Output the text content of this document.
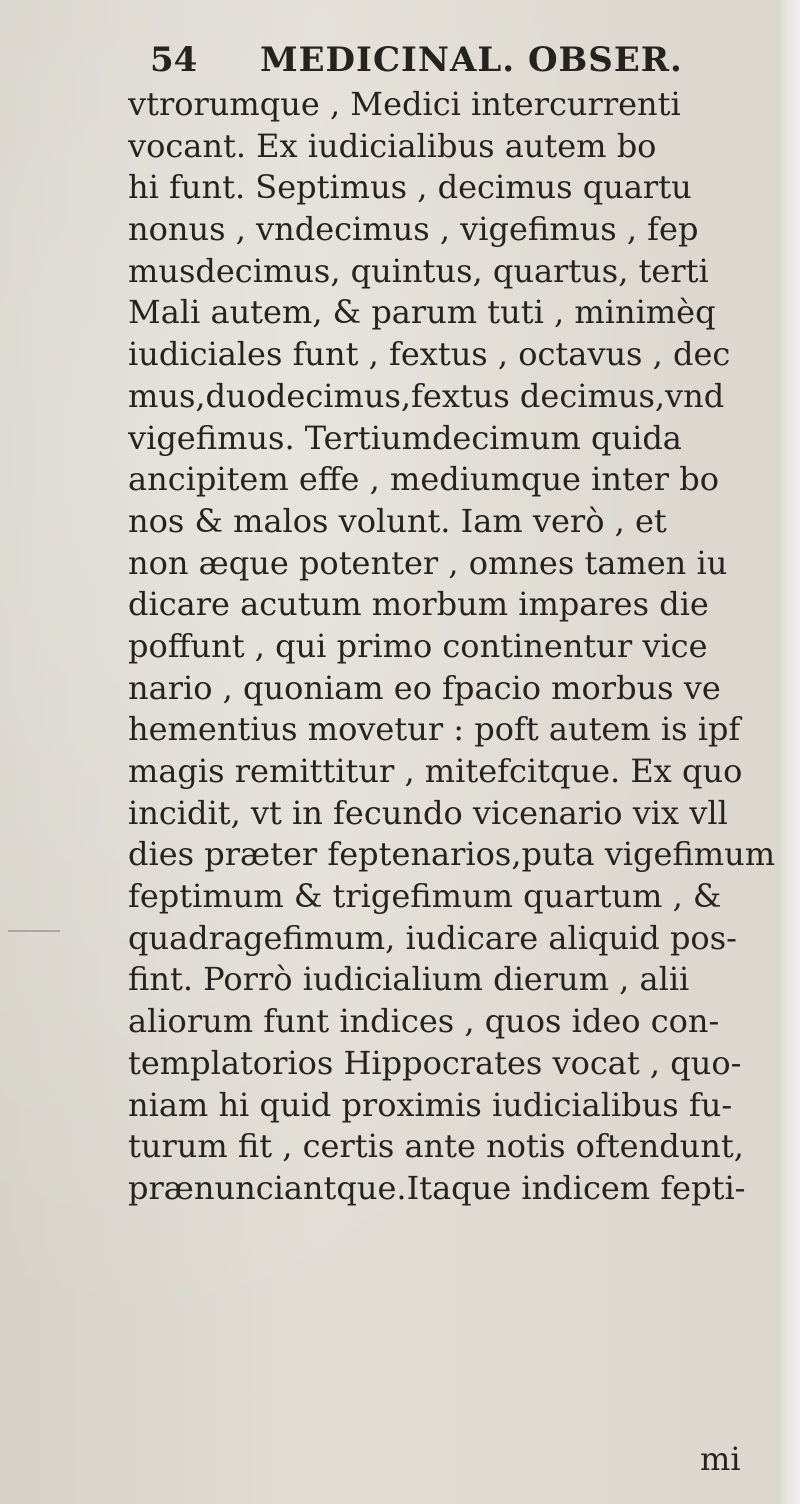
54 MEDICINAL. OBSER.
vtrorumque , Medici intercurrenti
vocant. Ex iudicialibus autem bo
hi funt. Septimus , decimus quartu
nonus , vndecimus , vigefimus , fep
musdecimus, quintus, quartus, terti
Mali autem, & parum tuti , minimèq
iudiciales funt , fextus , octavus , dec
mus,duodecimus,fextus decimus,vnd
vigefimus. Tertiumdecimum quida
ancipitem effe , mediumque inter bo
nos & malos volunt. Iam verò , et
non æque potenter , omnes tamen iu
dicare acutum morbum impares die
poffunt , qui primo continentur vice
nario , quoniam eo fpacio morbus ve
hementius movetur : poft autem is ipf
magis remittitur , mitefcitque. Ex quo
incidit, vt in fecundo vicenario vix vll
dies præter feptenarios,puta vigefimum
feptimum & trigefimum quartum , &
quadragefimum, iudicare aliquid pos-
fint. Porrò iudicialium dierum , alii
aliorum funt indices , quos ideo con-
templatorios Hippocrates vocat , quo-
niam hi quid proximis iudicialibus fu-
turum fit , certis ante notis oftendunt,
prænunciantque.Itaque indicem fepti-
mi
